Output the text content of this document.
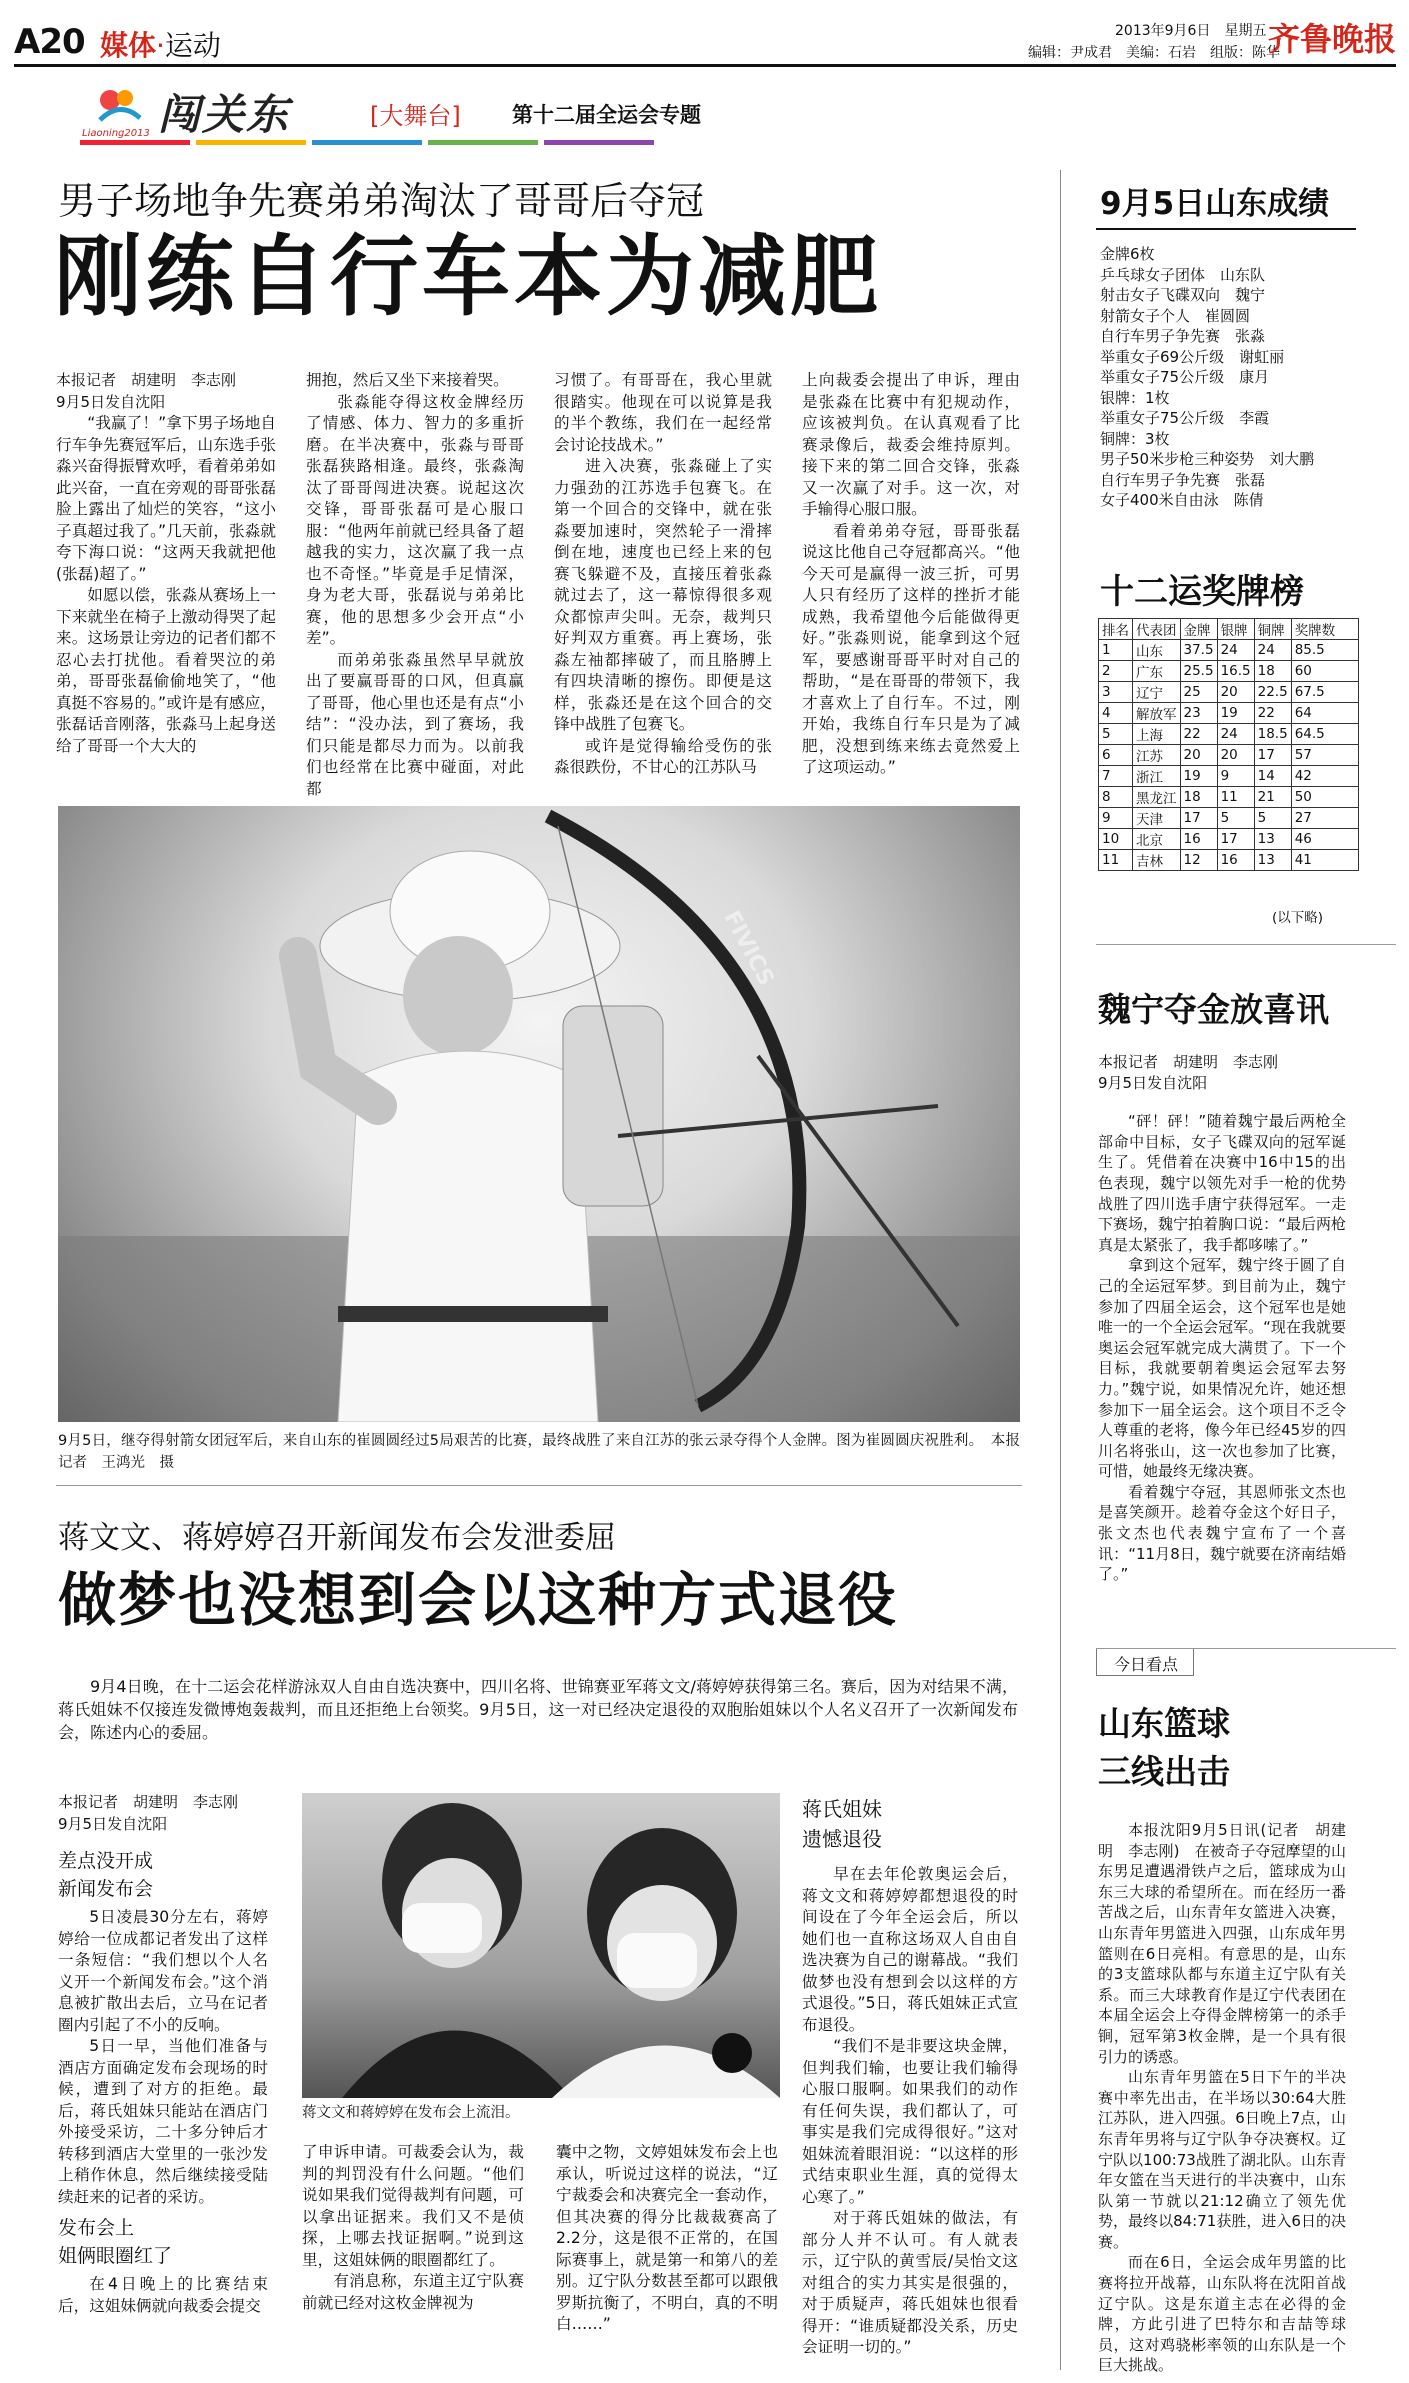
A20 媒体·运动	2013年9月6日　星期五
编辑：尹成君　美编：石岩　组版：陈华
齐鲁晚报
Liaoning2013 闯关东	[大舞台] 第十二届全运会专题
男子场地争先赛弟弟淘汰了哥哥后夺冠
刚练自行车本为减肥

本报记者　胡建明　李志刚

9月5日发自沈阳

“我赢了！”拿下男子场地自行车争先赛冠军后，山东选手张淼兴奋得振臂欢呼，看着弟弟如此兴奋，一直在旁观的哥哥张磊脸上露出了灿烂的笑容，“这小子真超过我了。”几天前，张淼就夸下海口说：“这两天我就把他(张磊)超了。”

如愿以偿，张淼从赛场上一下来就坐在椅子上激动得哭了起来。这场景让旁边的记者们都不忍心去打扰他。看着哭泣的弟弟，哥哥张磊偷偷地笑了，“他真挺不容易的。”或许是有感应，张磊话音刚落，张淼马上起身送给了哥哥一个大大的

拥抱，然后又坐下来接着哭。

张淼能夺得这枚金牌经历了情感、体力、智力的多重折磨。在半决赛中，张淼与哥哥张磊狭路相逢。最终，张淼淘汰了哥哥闯进决赛。说起这次交锋，哥哥张磊可是心服口服：“他两年前就已经具备了超越我的实力，这次赢了我一点也不奇怪。”毕竟是手足情深，身为老大哥，张磊说与弟弟比赛，他的思想多少会开点“小差”。

而弟弟张淼虽然早早就放出了要赢哥哥的口风，但真赢了哥哥，他心里也还是有点“小结”：“没办法，到了赛场，我们只能是都尽力而为。以前我们也经常在比赛中碰面，对此都

习惯了。有哥哥在，我心里就很踏实。他现在可以说算是我的半个教练，我们在一起经常会讨论技战术。”

进入决赛，张淼碰上了实力强劲的江苏选手包赛飞。在第一个回合的交锋中，就在张淼要加速时，突然轮子一滑摔倒在地，速度也已经上来的包赛飞躲避不及，直接压着张淼就过去了，这一幕惊得很多观众都惊声尖叫。无奈，裁判只好判双方重赛。再上赛场，张淼左袖都摔破了，而且胳膊上有四块清晰的擦伤。即便是这样，张淼还是在这个回合的交锋中战胜了包赛飞。

或许是觉得输给受伤的张淼很跌份，不甘心的江苏队马

上向裁委会提出了申诉，理由是张淼在比赛中有犯规动作，应该被判负。在认真观看了比赛录像后，裁委会维持原判。接下来的第二回合交锋，张淼又一次赢了对手。这一次，对手输得心服口服。

看着弟弟夺冠，哥哥张磊说这比他自己夺冠都高兴。“他今天可是赢得一波三折，可男人只有经历了这样的挫折才能成熟，我希望他今后能做得更好。”张淼则说，能拿到这个冠军，要感谢哥哥平时对自己的帮助，“是在哥哥的带领下，我才喜欢上了自行车。不过，刚开始，我练自行车只是为了减肥，没想到练来练去竟然爱上了这项运动。”

FIVICS

9月5日，继夺得射箭女团冠军后，来自山东的崔圆圆经过5局艰苦的比赛，最终战胜了来自江苏的张云录夺得个人金牌。图为崔圆圆庆祝胜利。　本报记者　王鸿光　摄

蒋文文、蒋婷婷召开新闻发布会发泄委屈
做梦也没想到会以这种方式退役

9月4日晚，在十二运会花样游泳双人自由自选决赛中，四川名将、世锦赛亚军蒋文文/蒋婷婷获得第三名。赛后，因为对结果不满，蒋氏姐妹不仅接连发微博炮轰裁判，而且还拒绝上台领奖。9月5日，这一对已经决定退役的双胞胎姐妹以个人名义召开了一次新闻发布会，陈述内心的委屈。

本报记者　胡建明　李志刚

9月5日发自沈阳

差点没开成
新闻发布会

5日凌晨30分左右，蒋婷婷给一位成都记者发出了这样一条短信：“我们想以个人名义开一个新闻发布会。”这个消息被扩散出去后，立马在记者圈内引起了不小的反响。

5日一早，当他们准备与酒店方面确定发布会现场的时候，遭到了对方的拒绝。最后，蒋氏姐妹只能站在酒店门外接受采访，二十多分钟后才转移到酒店大堂里的一张沙发上稍作休息，然后继续接受陆续赶来的记者的采访。

发布会上
姐俩眼圈红了

在4日晚上的比赛结束后，这姐妹俩就向裁委会提交

蒋文文和蒋婷婷在发布会上流泪。

了申诉申请。可裁委会认为，裁判的判罚没有什么问题。“他们说如果我们觉得裁判有问题，可以拿出证据来。我们又不是侦探，上哪去找证据啊。”说到这里，这姐妹俩的眼圈都红了。

有消息称，东道主辽宁队赛前就已经对这枚金牌视为

囊中之物，文婷姐妹发布会上也承认，听说过这样的说法，“辽宁裁委会和决赛完全一套动作，但其决赛的得分比裁裁赛高了2.2分，这是很不正常的，在国际赛事上，就是第一和第八的差别。辽宁队分数甚至都可以跟俄罗斯抗衡了，不明白，真的不明白……”

蒋氏姐妹
遗憾退役

早在去年伦敦奥运会后，蒋文文和蒋婷婷都想退役的时间设在了今年全运会后，所以她们也一直称这场双人自由自选决赛为自己的谢幕战。“我们做梦也没有想到会以这样的方式退役。”5日，蒋氏姐妹正式宣布退役。

“我们不是非要这块金牌，但判我们输，也要让我们输得心服口服啊。如果我们的动作有任何失误，我们都认了，可事实是我们完成得很好。”这对姐妹流着眼泪说：“以这样的形式结束职业生涯，真的觉得太心寒了。”

对于蒋氏姐妹的做法，有部分人并不认可。有人就表示，辽宁队的黄雪辰/吴怡文这对组合的实力其实是很强的，对于质疑声，蒋氏姐妹也很看得开：“谁质疑都没关系，历史会证明一切的。”

9月5日山东成绩

金牌6枚

乒乓球女子团体　山东队

射击女子飞碟双向　魏宁

射箭女子个人　崔圆圆

自行车男子争先赛　张淼

举重女子69公斤级　谢虹丽

举重女子75公斤级　康月

银牌：1枚

举重女子75公斤级　李霞

铜牌：3枚

男子50米步枪三种姿势　刘大鹏

自行车男子争先赛　张磊

女子400米自由泳　陈倩

十二运奖牌榜
排名	代表团	金牌	银牌	铜牌	奖牌数
1	山东	37.5	24	24	85.5
2	广东	25.5	16.5	18	60
3	辽宁	25	20	22.5	67.5
4	解放军	23	19	22	64
5	上海	22	24	18.5	64.5
6	江苏	20	20	17	57
7	浙江	19	9	14	42
8	黑龙江	18	11	21	50
9	天津	17	5	5	27
10	北京	16	17	13	46
11	吉林	12	16	13	41
(以下略)
魏宁夺金放喜讯

本报记者　胡建明　李志刚

9月5日发自沈阳

“砰！砰！”随着魏宁最后两枪全部命中目标，女子飞碟双向的冠军诞生了。凭借着在决赛中16中15的出色表现，魏宁以领先对手一枪的优势战胜了四川选手唐宁获得冠军。一走下赛场，魏宁拍着胸口说：“最后两枪真是太紧张了，我手都哆嗦了。”

拿到这个冠军，魏宁终于圆了自己的全运冠军梦。到目前为止，魏宁参加了四届全运会，这个冠军也是她唯一的一个全运会冠军。“现在我就要奥运会冠军就完成大满贯了。下一个目标，我就要朝着奥运会冠军去努力。”魏宁说，如果情况允许，她还想参加下一届全运会。这个项目不乏令人尊重的老将，像今年已经45岁的四川名将张山，这一次也参加了比赛，可惜，她最终无缘决赛。

看着魏宁夺冠，其恩师张文杰也是喜笑颜开。趁着夺金这个好日子，张文杰也代表魏宁宣布了一个喜讯：“11月8日，魏宁就要在济南结婚了。”

今日看点
山东篮球
三线出击

本报沈阳9月5日讯(记者　胡建明　李志刚)　在被奇子夺冠摩望的山东男足遭遇滑铁卢之后，篮球成为山东三大球的希望所在。而在经历一番苦战之后，山东青年女篮进入决赛，山东青年男篮进入四强，山东成年男篮则在6日亮相。有意思的是，山东的3支篮球队都与东道主辽宁队有关系。而三大球教育作是辽宁代表团在本届全运会上夺得金牌榜第一的杀手锏，冠军第3枚金牌，是一个具有很引力的诱惑。

山东青年男篮在5日下午的半决赛中率先出击，在半场以30:64大胜江苏队，进入四强。6日晚上7点，山东青年男将与辽宁队争夺决赛权。辽宁队以100:73战胜了湖北队。山东青年女篮在当天进行的半决赛中，山东队第一节就以21:12确立了领先优势，最终以84:71获胜，进入6日的决赛。

而在6日，全运会成年男篮的比赛将拉开战幕，山东队将在沈阳首战辽宁队。这是东道主志在必得的金牌，方此引进了巴特尔和吉喆等球员，这对鸡骁彬率领的山东队是一个巨大挑战。
